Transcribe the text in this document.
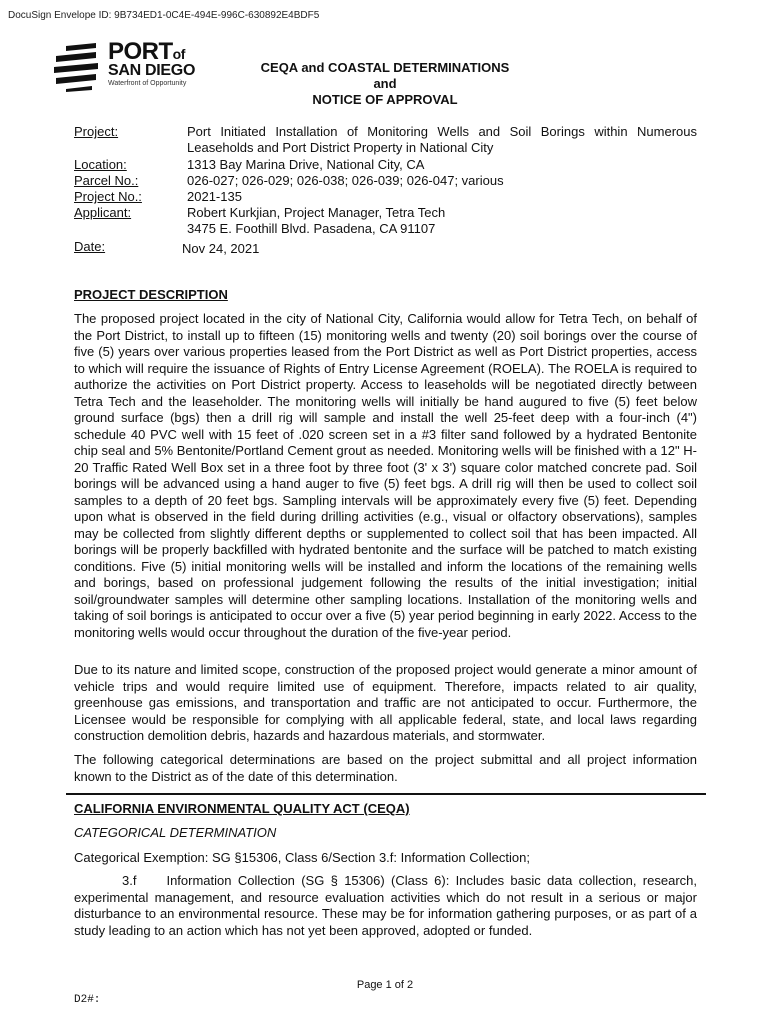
DocuSign Envelope ID: 9B734ED1-0C4E-494E-996C-630892E4BDF5
PORTof
SAN DIEGO
Waterfront of Opportunity
CEQA and COASTAL DETERMINATIONS
and
NOTICE OF APPROVAL
Project:	Port Initiated Installation of Monitoring Wells and Soil Borings within Numerous Leaseholds and Port District Property in National City
Location:	1313 Bay Marina Drive, National City, CA
Parcel No.:	026-027; 026-029; 026-038; 026-039; 026-047; various
Project No.:	2021-135
Applicant:	Robert Kurkjian, Project Manager, Tetra Tech
3475 E. Foothill Blvd. Pasadena, CA 91107
Date:	Nov 24, 2021
PROJECT DESCRIPTION

The proposed project located in the city of National City, California would allow for Tetra Tech, on behalf of the Port District, to install up to fifteen (15) monitoring wells and twenty (20) soil borings over the course of five (5) years over various properties leased from the Port District as well as Port District properties, access to which will require the issuance of Rights of Entry License Agreement (ROELA). The ROELA is required to authorize the activities on Port District property. Access to leaseholds will be negotiated directly between Tetra Tech and the leaseholder. The monitoring wells will initially be hand augured to five (5) feet below ground surface (bgs) then a drill rig will sample and install the well 25-feet deep with a four-inch (4") schedule 40 PVC well with 15 feet of .020 screen set in a #3 filter sand followed by a hydrated Bentonite chip seal and 5% Bentonite/Portland Cement grout as needed. Monitoring wells will be finished with a 12" H-20 Traffic Rated Well Box set in a three foot by three foot (3' x 3') square color matched concrete pad. Soil borings will be advanced using a hand auger to five (5) feet bgs. A drill rig will then be used to collect soil samples to a depth of 20 feet bgs. Sampling intervals will be approximately every five (5) feet. Depending upon what is observed in the field during drilling activities (e.g., visual or olfactory observations), samples may be collected from slightly different depths or supplemented to collect soil that has been impacted. All borings will be properly backfilled with hydrated bentonite and the surface will be patched to match existing conditions. Five (5) initial monitoring wells will be installed and inform the locations of the remaining wells and borings, based on professional judgement following the results of the initial investigation; initial soil/groundwater samples will determine other sampling locations. Installation of the monitoring wells and taking of soil borings is anticipated to occur over a five (5) year period beginning in early 2022. Access to the monitoring wells would occur throughout the duration of the five-year period.

Due to its nature and limited scope, construction of the proposed project would generate a minor amount of vehicle trips and would require limited use of equipment. Therefore, impacts related to air quality, greenhouse gas emissions, and transportation and traffic are not anticipated to occur. Furthermore, the Licensee would be responsible for complying with all applicable federal, state, and local laws regarding construction demolition debris, hazards and hazardous materials, and stormwater.

The following categorical determinations are based on the project submittal and all project information known to the District as of the date of this determination.

CALIFORNIA ENVIRONMENTAL QUALITY ACT (CEQA)
CATEGORICAL DETERMINATION
Categorical Exemption: SG §15306, Class 6/Section 3.f: Information Collection;

3.f Information Collection (SG § 15306) (Class 6): Includes basic data collection, research, experimental management, and resource evaluation activities which do not result in a serious or major disturbance to an environmental resource. These may be for information gathering purposes, or as part of a study leading to an action which has not yet been approved, adopted or funded.

Page 1 of 2
D2#:
